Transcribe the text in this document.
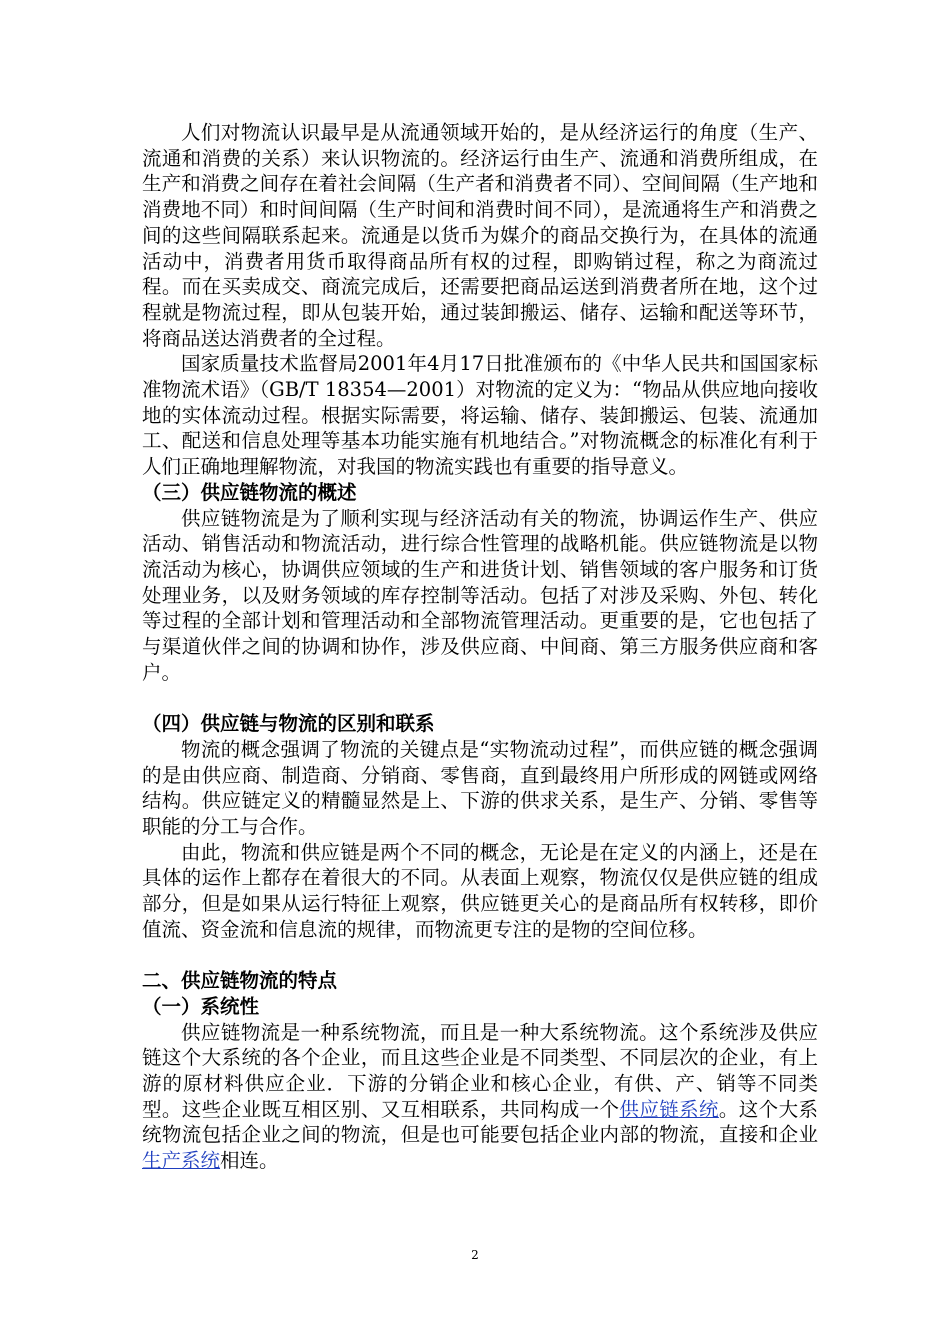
人们对物流认识最早是从流通领域开始的，是从经济运行的角度（生产、流通和消费的关系）来认识物流的。经济运行由生产、流通和消费所组成，在生产和消费之间存在着社会间隔（生产者和消费者不同）、空间间隔（生产地和消费地不同）和时间间隔（生产时间和消费时间不同），是流通将生产和消费之间的这些间隔联系起来。流通是以货币为媒介的商品交换行为，在具体的流通活动中，消费者用货币取得商品所有权的过程，即购销过程，称之为商流过程。而在买卖成交、商流完成后，还需要把商品运送到消费者所在地，这个过程就是物流过程，即从包装开始，通过装卸搬运、储存、运输和配送等环节，将商品送达消费者的全过程。

国家质量技术监督局2001年4月17日批准颁布的《中华人民共和国国家标准物流术语》（GB/T 18354—2001）对物流的定义为：“物品从供应地向接收地的实体流动过程。根据实际需要，将运输、储存、装卸搬运、包装、流通加工、配送和信息处理等基本功能实施有机地结合。”对物流概念的标准化有利于人们正确地理解物流，对我国的物流实践也有重要的指导意义。

（三）供应链物流的概述

供应链物流是为了顺利实现与经济活动有关的物流，协调运作生产、供应活动、销售活动和物流活动，进行综合性管理的战略机能。供应链物流是以物流活动为核心，协调供应领域的生产和进货计划、销售领域的客户服务和订货处理业务，以及财务领域的库存控制等活动。包括了对涉及采购、外包、转化等过程的全部计划和管理活动和全部物流管理活动。更重要的是，它也包括了与渠道伙伴之间的协调和协作，涉及供应商、中间商、第三方服务供应商和客户。

（四）供应链与物流的区别和联系

物流的概念强调了物流的关键点是“实物流动过程”，而供应链的概念强调的是由供应商、制造商、分销商、零售商，直到最终用户所形成的网链或网络结构。供应链定义的精髓显然是上、下游的供求关系，是生产、分销、零售等职能的分工与合作。

由此，物流和供应链是两个不同的概念，无论是在定义的内涵上，还是在具体的运作上都存在着很大的不同。从表面上观察，物流仅仅是供应链的组成部分，但是如果从运行特征上观察，供应链更关心的是商品所有权转移，即价值流、资金流和信息流的规律，而物流更专注的是物的空间位移。

二、供应链物流的特点
（一）系统性

供应链物流是一种系统物流，而且是一种大系统物流。这个系统涉及供应链这个大系统的各个企业，而且这些企业是不同类型、不同层次的企业，有上游的原材料供应企业．下游的分销企业和核心企业，有供、产、销等不同类型。这些企业既互相区别、又互相联系，共同构成一个供应链系统。这个大系统物流包括企业之间的物流，但是也可能要包括企业内部的物流，直接和企业生产系统相连。

2
